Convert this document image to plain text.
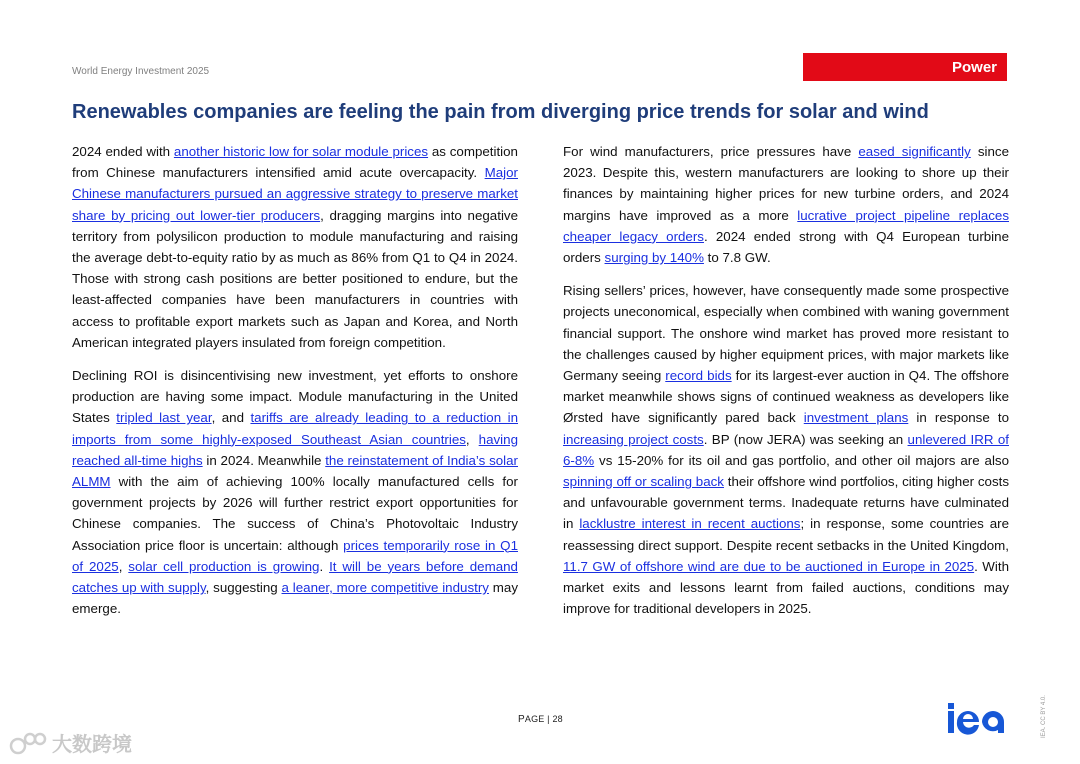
World Energy Investment 2025	Power
Renewables companies are feeling the pain from diverging price trends for solar and wind

2024 ended with another historic low for solar module prices as competition from Chinese manufacturers intensified amid acute overcapacity. Major Chinese manufacturers pursued an aggressive strategy to preserve market share by pricing out lower-tier producers, dragging margins into negative territory from polysilicon production to module manufacturing and raising the average debt-to-equity ratio by as much as 86% from Q1 to Q4 in 2024. Those with strong cash positions are better positioned to endure, but the least-affected companies have been manufacturers in countries with access to profitable export markets such as Japan and Korea, and North American integrated players insulated from foreign competition.

Declining ROI is disincentivising new investment, yet efforts to onshore production are having some impact. Module manufacturing in the United States tripled last year, and tariffs are already leading to a reduction in imports from some highly-exposed Southeast Asian countries, having reached all-time highs in 2024. Meanwhile the reinstatement of India’s solar ALMM with the aim of achieving 100% locally manufactured cells for government projects by 2026 will further restrict export opportunities for Chinese companies. The success of China’s Photovoltaic Industry Association price floor is uncertain: although prices temporarily rose in Q1 of 2025, solar cell production is growing. It will be years before demand catches up with supply, suggesting a leaner, more competitive industry may emerge.

For wind manufacturers, price pressures have eased significantly since 2023. Despite this, western manufacturers are looking to shore up their finances by maintaining higher prices for new turbine orders, and 2024 margins have improved as a more lucrative project pipeline replaces cheaper legacy orders. 2024 ended strong with Q4 European turbine orders surging by 140% to 7.8 GW.

Rising sellers’ prices, however, have consequently made some prospective projects uneconomical, especially when combined with waning government financial support. The onshore wind market has proved more resistant to the challenges caused by higher equipment prices, with major markets like Germany seeing record bids for its largest-ever auction in Q4. The offshore market meanwhile shows signs of continued weakness as developers like Ørsted have significantly pared back investment plans in response to increasing project costs. BP (now JERA) was seeking an unlevered IRR of 6-8% vs 15-20% for its oil and gas portfolio, and other oil majors are also spinning off or scaling back their offshore wind portfolios, citing higher costs and unfavourable government terms. Inadequate returns have culminated in lacklustre interest in recent auctions; in response, some countries are reassessing direct support. Despite recent setbacks in the United Kingdom, 11.7 GW of offshore wind are due to be auctioned in Europe in 2025. With market exits and lessons learnt from failed auctions, conditions may improve for traditional developers in 2025.

PAGE | 28	IEA. CC BY 4.0.
大数跨境
